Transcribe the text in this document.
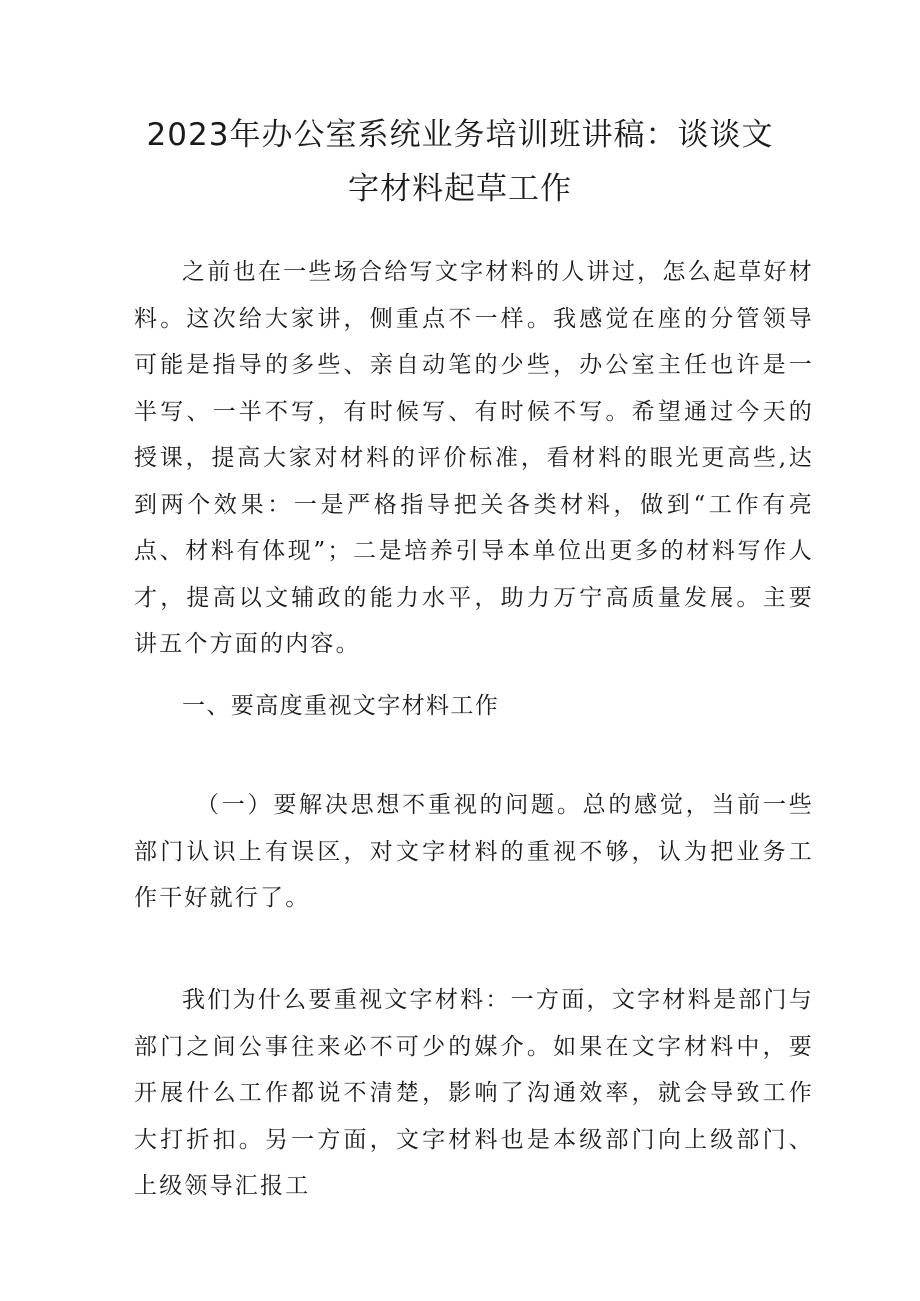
2023年办公室系统业务培训班讲稿：谈谈文
字材料起草工作

之前也在一些场合给写文字材料的人讲过，怎么起草好材料。这次给大家讲，侧重点不一样。我感觉在座的分管领导可能是指导的多些、亲自动笔的少些，办公室主任也许是一半写、一半不写，有时候写、有时候不写。希望通过今天的授课，提高大家对材料的评价标准，看材料的眼光更高些,达到两个效果：一是严格指导把关各类材料，做到“工作有亮点、材料有体现”；二是培养引导本单位出更多的材料写作人才，提高以文辅政的能力水平，助力万宁高质量发展。主要讲五个方面的内容。

一、要高度重视文字材料工作

（一）要解决思想不重视的问题。总的感觉，当前一些部门认识上有误区，对文字材料的重视不够，认为把业务工作干好就行了。

我们为什么要重视文字材料：一方面，文字材料是部门与部门之间公事往来必不可少的媒介。如果在文字材料中，要开展什么工作都说不清楚，影响了沟通效率，就会导致工作大打折扣。另一方面，文字材料也是本级部门向上级部门、上级领导汇报工
